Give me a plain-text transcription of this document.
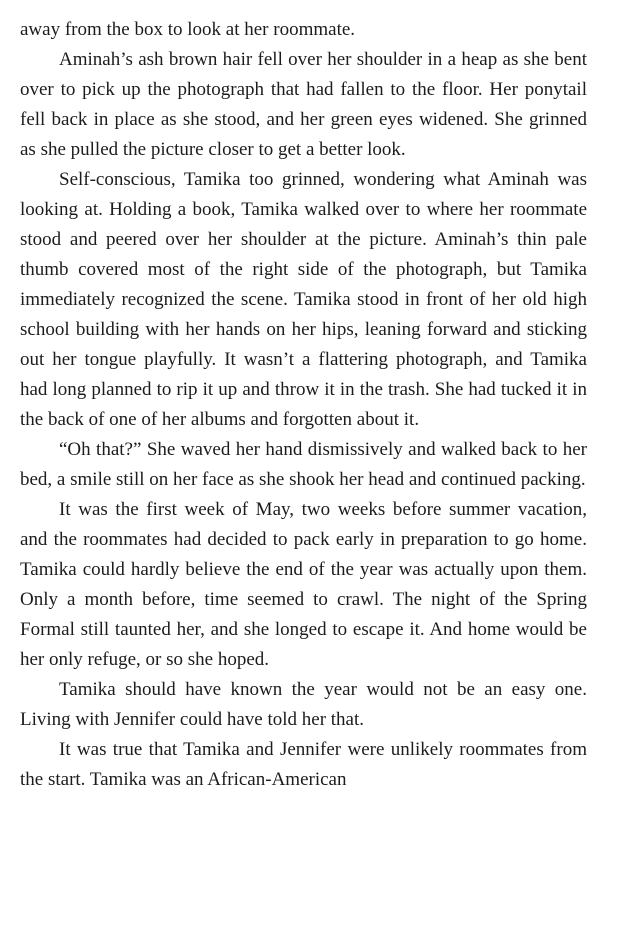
away from the box to look at her roommate.

Aminah’s ash brown hair fell over her shoulder in a heap as she bent over to pick up the photograph that had fallen to the floor. Her ponytail fell back in place as she stood, and her green eyes widened. She grinned as she pulled the picture closer to get a better look.

Self-conscious, Tamika too grinned, wondering what Aminah was looking at. Holding a book, Tamika walked over to where her roommate stood and peered over her shoulder at the picture. Aminah’s thin pale thumb covered most of the right side of the photograph, but Tamika immediately recognized the scene. Tamika stood in front of her old high school building with her hands on her hips, leaning forward and sticking out her tongue playfully. It wasn’t a flattering photograph, and Tamika had long planned to rip it up and throw it in the trash. She had tucked it in the back of one of her albums and forgotten about it.

“Oh that?” She waved her hand dismissively and walked back to her bed, a smile still on her face as she shook her head and continued packing.

It was the first week of May, two weeks before summer vacation, and the roommates had decided to pack early in preparation to go home. Tamika could hardly believe the end of the year was actually upon them. Only a month before, time seemed to crawl. The night of the Spring Formal still taunted her, and she longed to escape it. And home would be her only refuge, or so she hoped.

Tamika should have known the year would not be an easy one. Living with Jennifer could have told her that.

It was true that Tamika and Jennifer were unlikely roommates from the start. Tamika was an African-American
